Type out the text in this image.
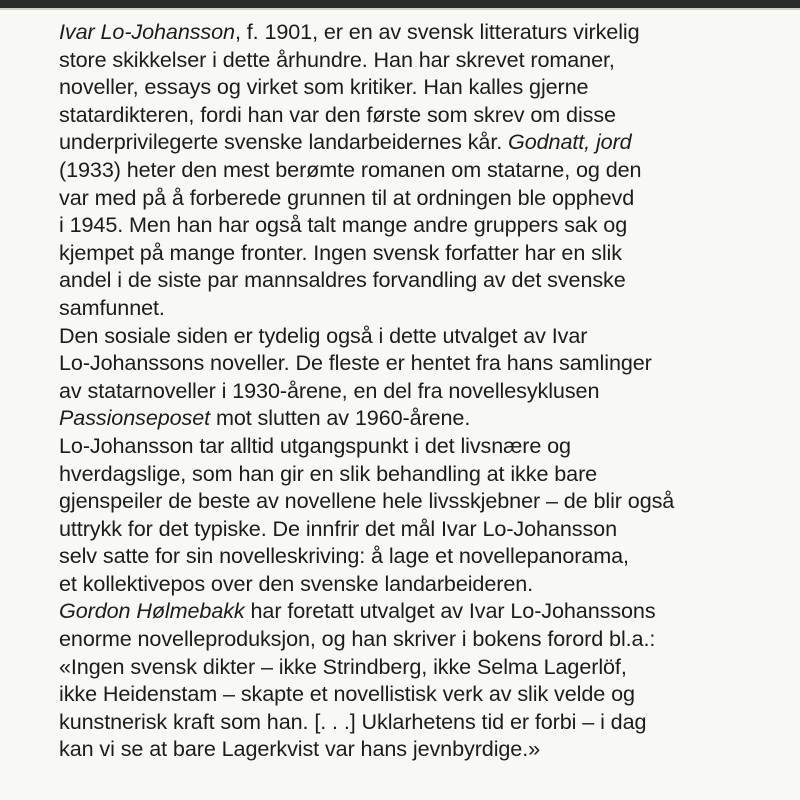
Ivar Lo-Johansson, f. 1901, er en av svensk litteraturs virkelig
store skikkelser i dette århundre. Han har skrevet romaner,
noveller, essays og virket som kritiker. Han kalles gjerne
statardikteren, fordi han var den første som skrev om disse
underprivilegerte svenske landarbeidernes kår. Godnatt, jord
(1933) heter den mest berømte romanen om statarne, og den
var med på å forberede grunnen til at ordningen ble opphevd
i 1945. Men han har også talt mange andre gruppers sak og
kjempet på mange fronter. Ingen svensk forfatter har en slik
andel i de siste par mannsaldres forvandling av det svenske
samfunnet.
Den sosiale siden er tydelig også i dette utvalget av Ivar
Lo-Johanssons noveller. De fleste er hentet fra hans samlinger
av statarnoveller i 1930-årene, en del fra novellesyklusen
Passionseposet mot slutten av 1960-årene.
Lo-Johansson tar alltid utgangspunkt i det livsnære og
hverdagslige, som han gir en slik behandling at ikke bare
gjenspeiler de beste av novellene hele livsskjebner – de blir også
uttrykk for det typiske. De innfrir det mål Ivar Lo-Johansson
selv satte for sin novelleskriving: å lage et novellepanorama,
et kollektivepos over den svenske landarbeideren.
Gordon Hølmebakk har foretatt utvalget av Ivar Lo-Johanssons
enorme novelleproduksjon, og han skriver i bokens forord bl.a.:
«Ingen svensk dikter – ikke Strindberg, ikke Selma Lagerlöf,
ikke Heidenstam – skapte et novellistisk verk av slik velde og
kunstnerisk kraft som han. [. . .] Uklarhetens tid er forbi – i dag
kan vi se at bare Lagerkvist var hans jevnbyrdige.»
